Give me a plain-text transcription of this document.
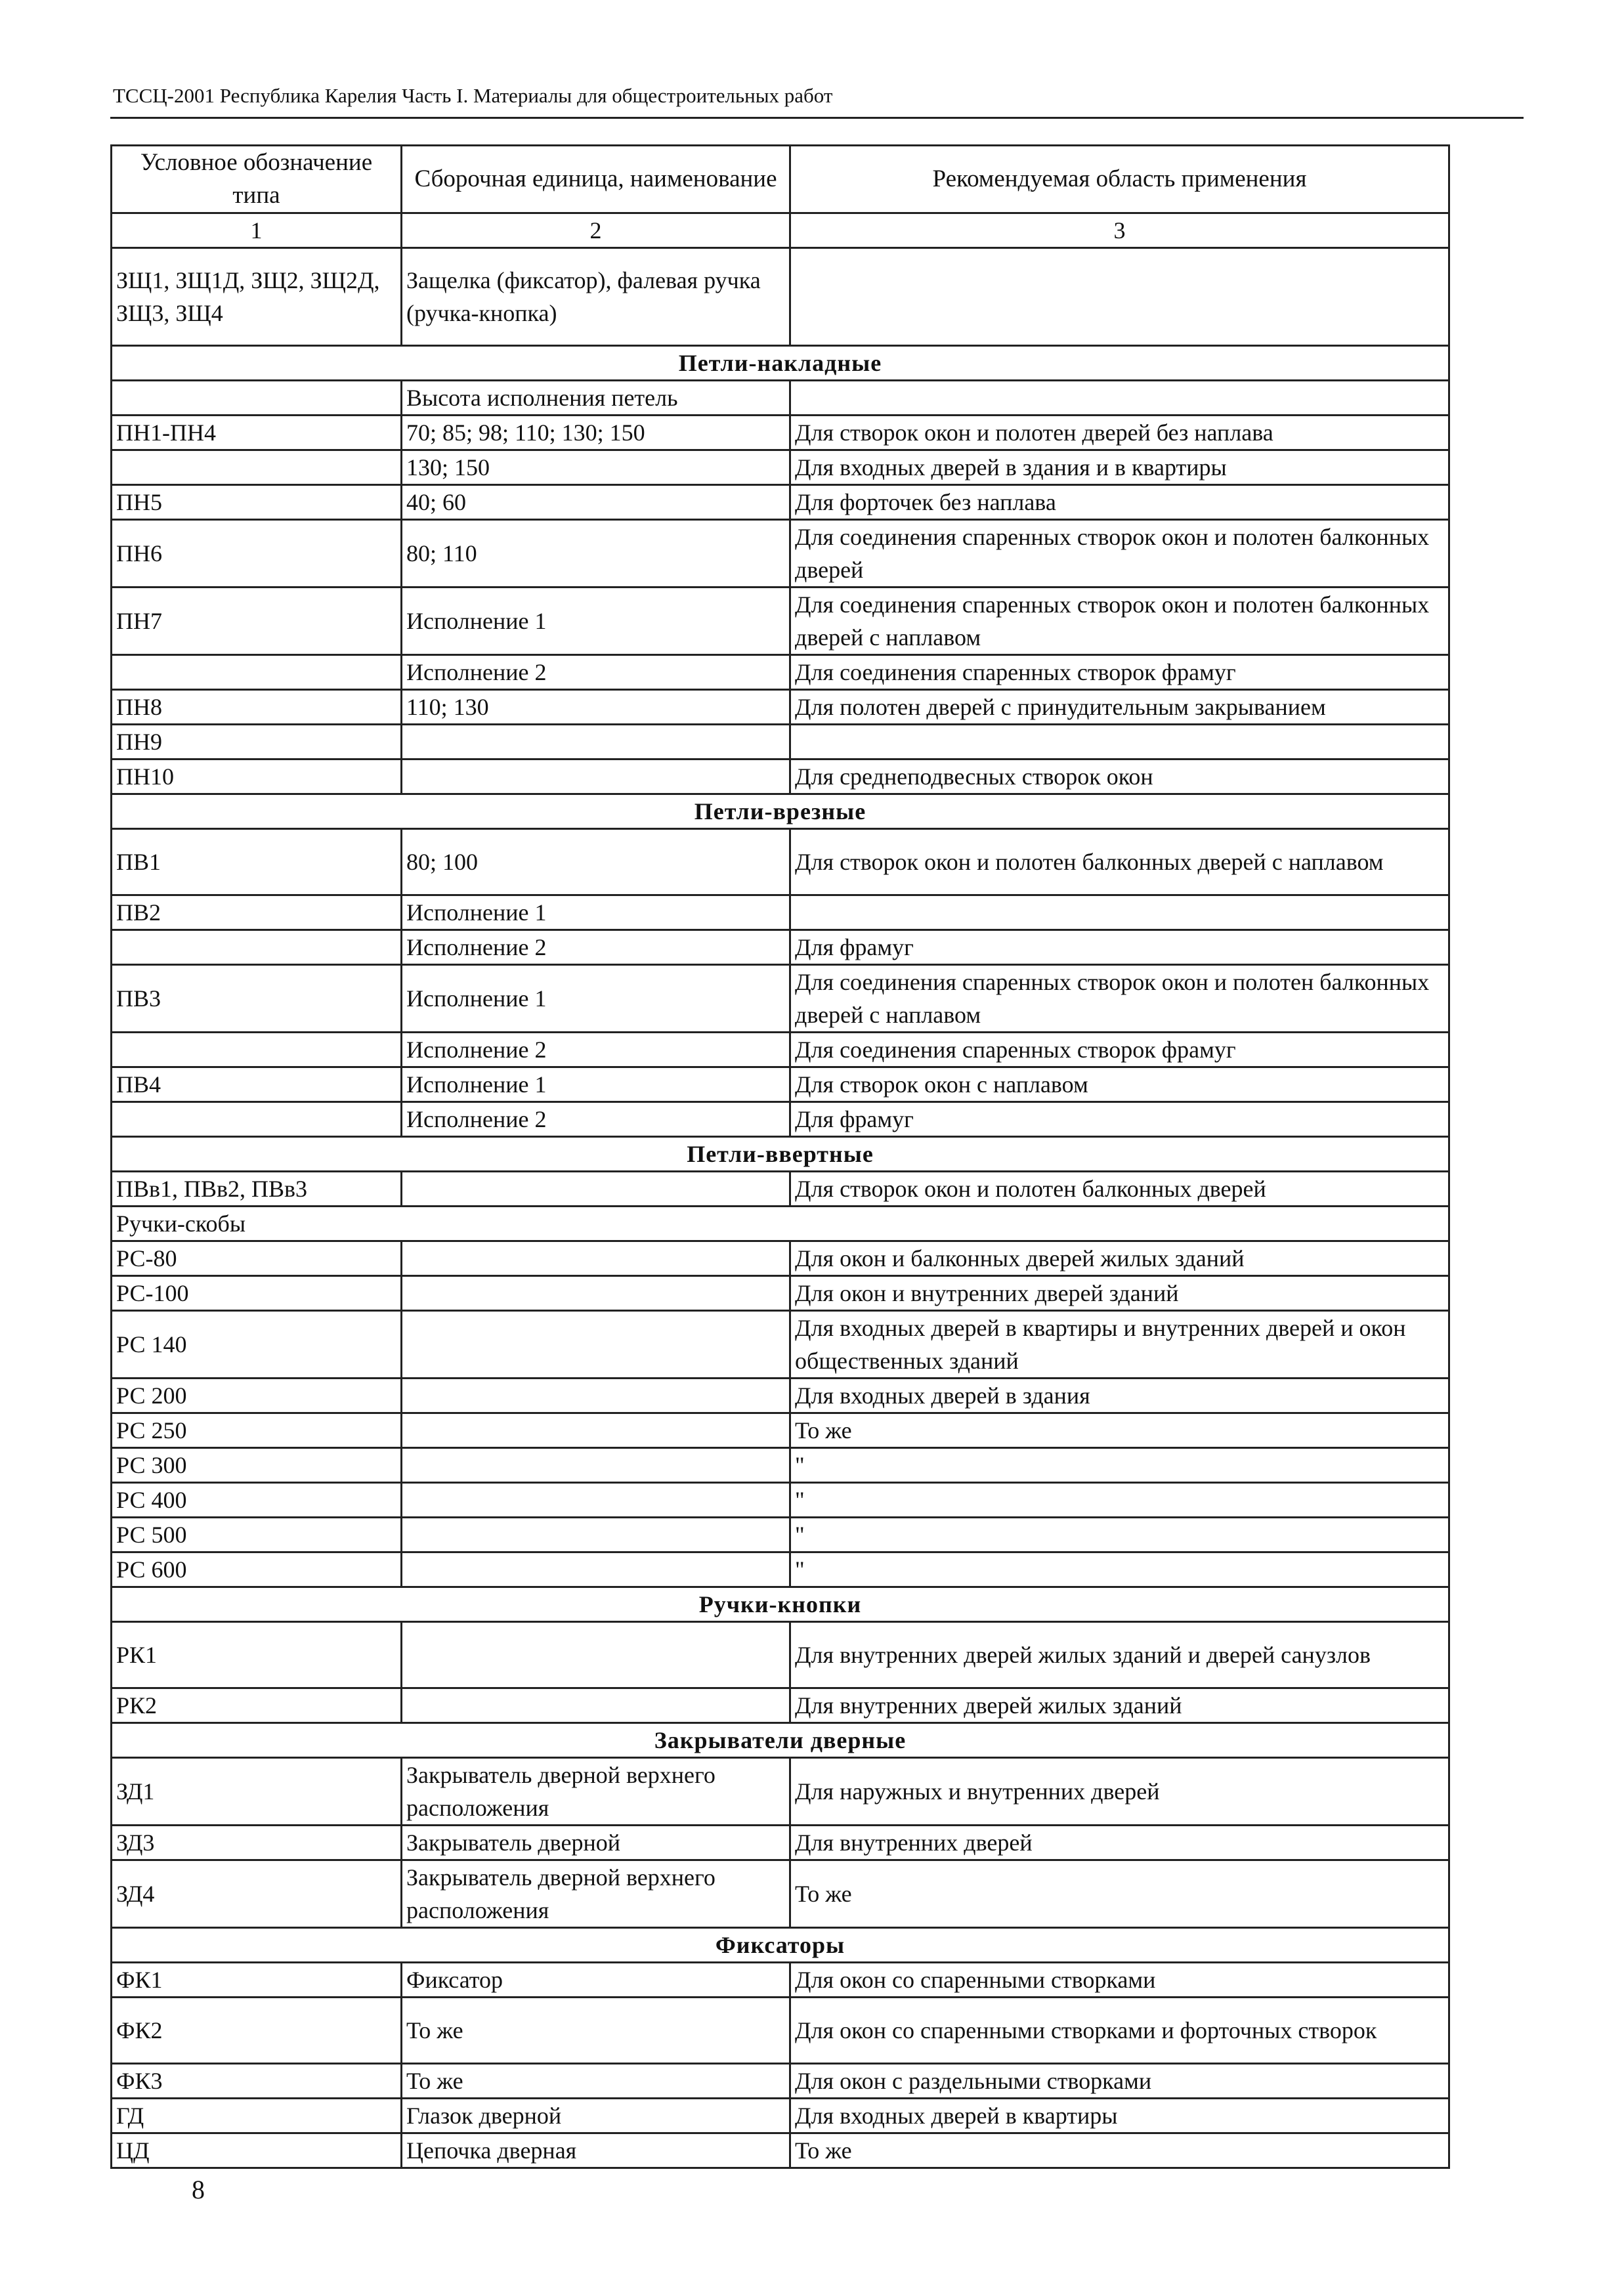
ТССЦ-2001 Республика Карелия Часть I. Материалы для общестроительных работ
Условное обозначение типа	Сборочная единица, наименование	Рекомендуемая область применения
1	2	3
ЗЩ1, ЗЩ1Д, ЗЩ2, ЗЩ2Д, ЗЩ3, ЗЩ4	Защелка (фиксатор), фалевая ручка (ручка-кнопка)	
Петли-накладные		
	Высота исполнения петель	
ПН1-ПН4	70; 85; 98; 110; 130; 150	Для створок окон и полотен дверей без наплава
	130; 150	Для входных дверей в здания и в квартиры
ПН5	40; 60	Для форточек без наплава
ПН6	80; 110	Для соединения спаренных створок окон и полотен балконных дверей
ПН7	Исполнение 1	Для соединения спаренных створок окон и полотен балконных дверей с наплавом
	Исполнение 2	Для соединения спаренных створок фрамуг
ПН8	110; 130	Для полотен дверей с принудительным закрыванием
ПН9		
ПН10		Для среднеподвесных створок окон
Петли-врезные		
ПВ1	80; 100	Для створок окон и полотен балконных дверей с наплавом
ПВ2	Исполнение 1	
	Исполнение 2	Для фрамуг
ПВ3	Исполнение 1	Для соединения спаренных створок окон и полотен балконных дверей с наплавом
	Исполнение 2	Для соединения спаренных створок фрамуг
ПВ4	Исполнение 1	Для створок окон с наплавом
	Исполнение 2	Для фрамуг
Петли-ввертные		
ПВв1, ПВв2, ПВв3		Для створок окон и полотен балконных дверей
Ручки-скобы		
РС-80		Для окон и балконных дверей жилых зданий
РС-100		Для окон и внутренних дверей зданий
РС 140		Для входных дверей в квартиры и внутренних дверей и окон общественных зданий
РС 200		Для входных дверей в здания
РС 250		То же
РС 300		"
РС 400		"
РС 500		"
РС 600		"
Ручки-кнопки		
РК1		Для внутренних дверей жилых зданий и дверей санузлов
РК2		Для внутренних дверей жилых зданий
Закрыватели дверные		
ЗД1	Закрыватель дверной верхнего расположения	Для наружных и внутренних дверей
ЗД3	Закрыватель дверной	Для внутренних дверей
ЗД4	Закрыватель дверной верхнего расположения	То же
Фиксаторы		
ФК1	Фиксатор	Для окон со спаренными створками
ФК2	То же	Для окон со спаренными створками и форточных створок
ФК3	То же	Для окон с раздельными створками
ГД	Глазок дверной	Для входных дверей в квартиры
ЦД	Цепочка дверная	То же
8
